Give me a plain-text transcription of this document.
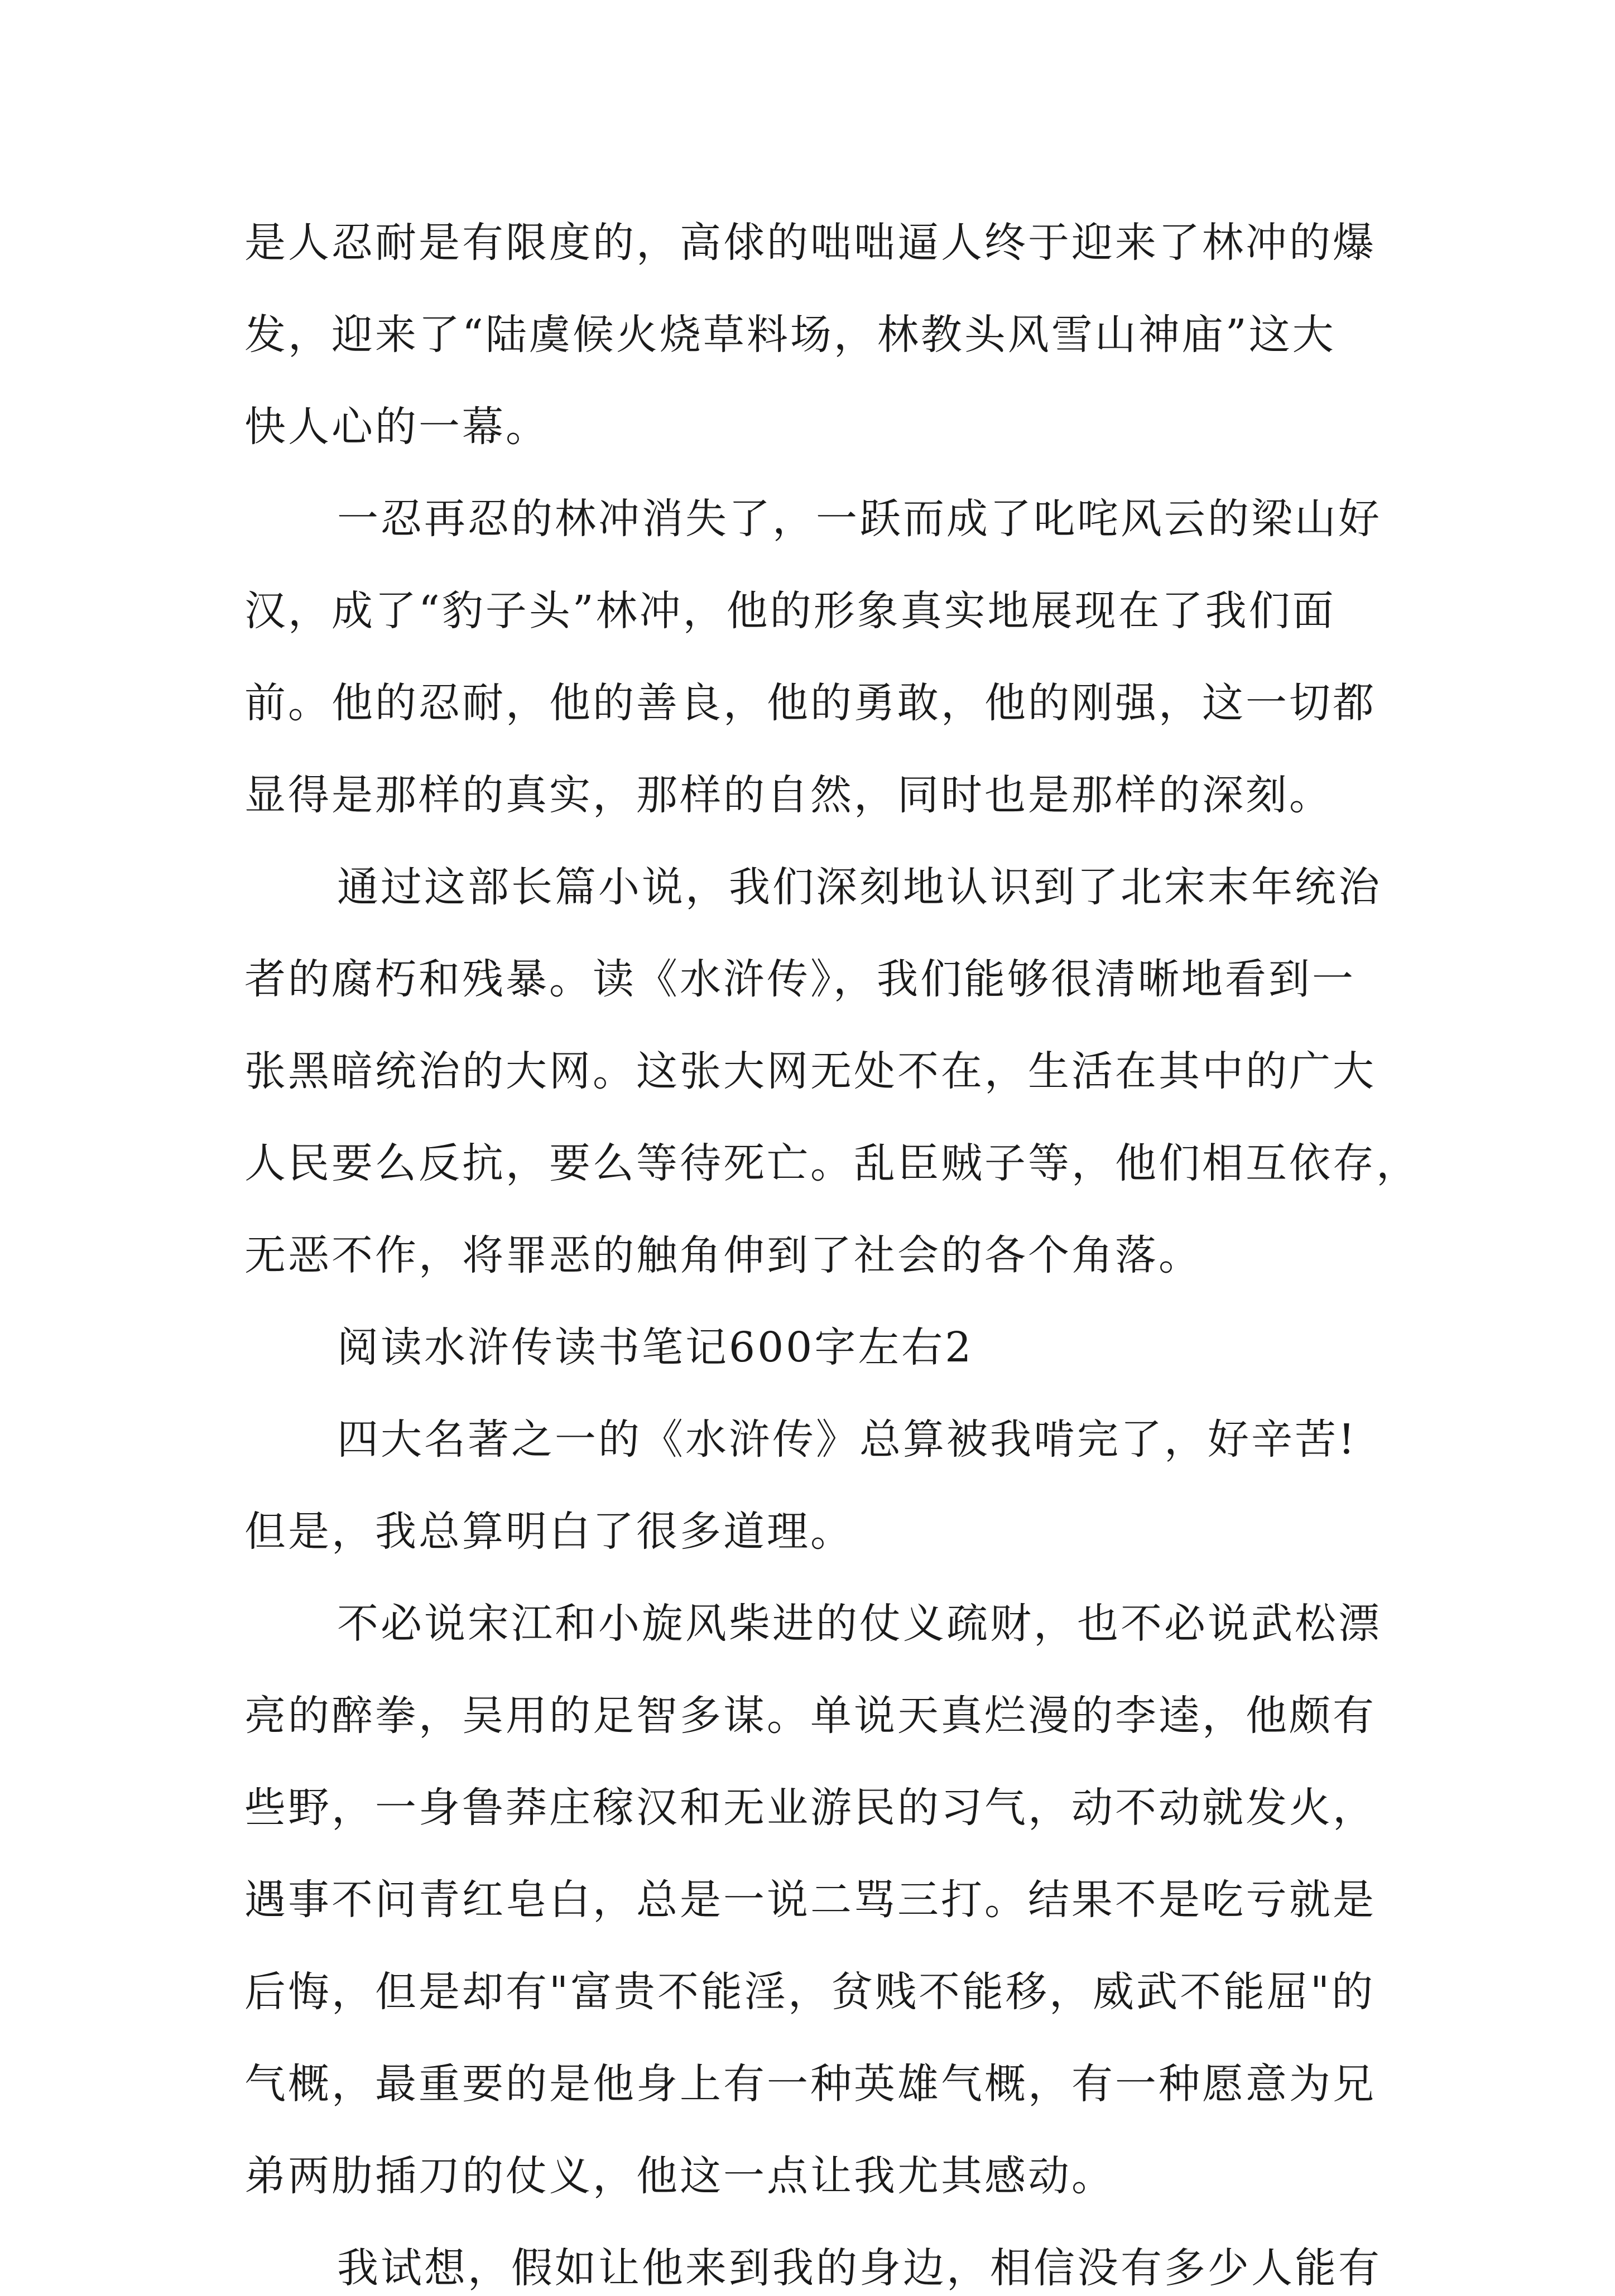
是人忍耐是有限度的，高俅的咄咄逼人终于迎来了林冲的爆
发，迎来了“陆虞候火烧草料场，林教头风雪山神庙”这大
快人心的一幕。
一忍再忍的林冲消失了，一跃而成了叱咤风云的梁山好
汉，成了“豹子头”林冲，他的形象真实地展现在了我们面
前。他的忍耐，他的善良，他的勇敢，他的刚强，这一切都
显得是那样的真实，那样的自然，同时也是那样的深刻。
通过这部长篇小说，我们深刻地认识到了北宋末年统治
者的腐朽和残暴。读《水浒传》，我们能够很清晰地看到一
张黑暗统治的大网。这张大网无处不在，生活在其中的广大
人民要么反抗，要么等待死亡。乱臣贼子等，他们相互依存，
无恶不作，将罪恶的触角伸到了社会的各个角落。
阅读水浒传读书笔记600字左右2
四大名著之一的《水浒传》总算被我啃完了，好辛苦!
但是，我总算明白了很多道理。
不必说宋江和小旋风柴进的仗义疏财，也不必说武松漂
亮的醉拳，吴用的足智多谋。单说天真烂漫的李逵，他颇有
些野，一身鲁莽庄稼汉和无业游民的习气，动不动就发火，
遇事不问青红皂白，总是一说二骂三打。结果不是吃亏就是
后悔，但是却有"富贵不能淫，贫贱不能移，威武不能屈"的
气概，最重要的是他身上有一种英雄气概，有一种愿意为兄
弟两肋插刀的仗义，他这一点让我尤其感动。
我试想，假如让他来到我的身边，相信没有多少人能有
